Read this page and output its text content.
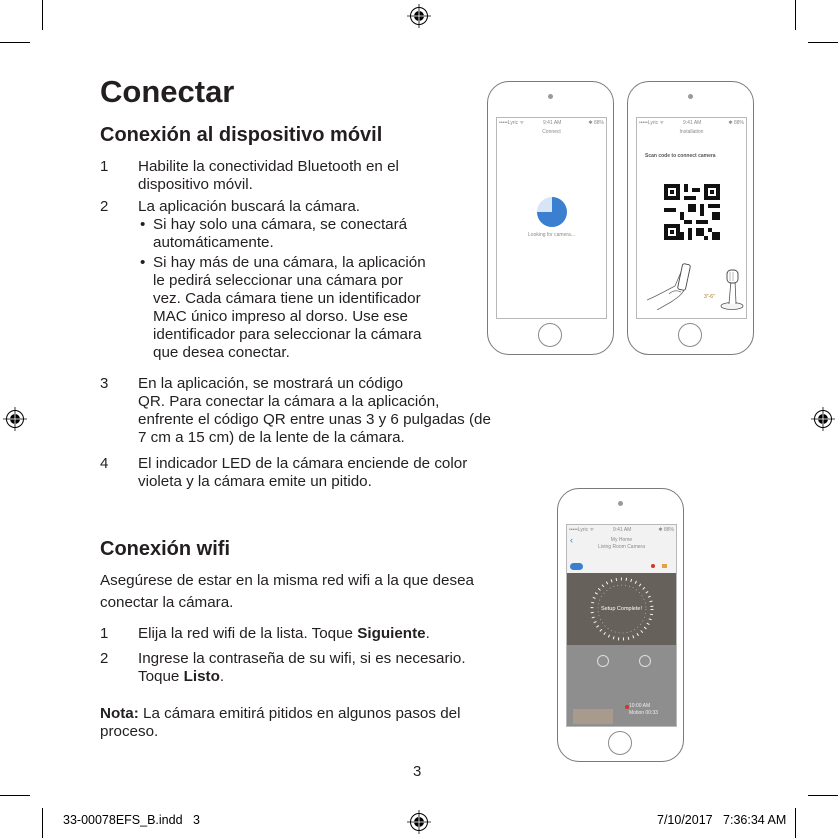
Conectar
Conexión al dispositivo móvil
1 Habilite la conectividad Bluetooth en el
dispositivo móvil.
2 La aplicación buscará la cámara.
• Si hay solo una cámara, se conectará
automáticamente.
• Si hay más de una cámara, la aplicación
le pedirá seleccionar una cámara por
vez. Cada cámara tiene un identificador
MAC único impreso al dorso. Use ese
identificador para seleccionar la cámara
que desea conectar.
3 En la aplicación, se mostrará un código
QR. Para conectar la cámara a la aplicación,
enfrente el código QR entre unas 3 y 6 pulgadas (de
7 cm a 15 cm) de la lente de la cámara.
4 El indicador LED de la cámara enciende de color
violeta y la cámara emite un pitido.
Conexión wifi
Asegúrese de estar en la misma red wifi a la que desea
conectar la cámara.
1 Elija la red wifi de la lista. Toque Siguiente.
2 Ingrese la contraseña de su wifi, si es necesario.
Toque Listo.
Nota: La cámara emitirá pitidos en algunos pasos del
proceso.
•••••Lyric ᯤ	9:41 AM	✱ 88%
Connect
Looking for camera...
•••••Lyric ᯤ	9:41 AM	✱ 88%
Installation
Scan code to connect camera
3"-6"
•••••Lyric ᯤ	9:41 AM	✱ 88%
‹	My Home
Living Room Camera
Setup Complete!
10:00 AM
Motion 00:33
3
33-00078EFS_B.indd   3	7/10/2017   7:36:34 AM
